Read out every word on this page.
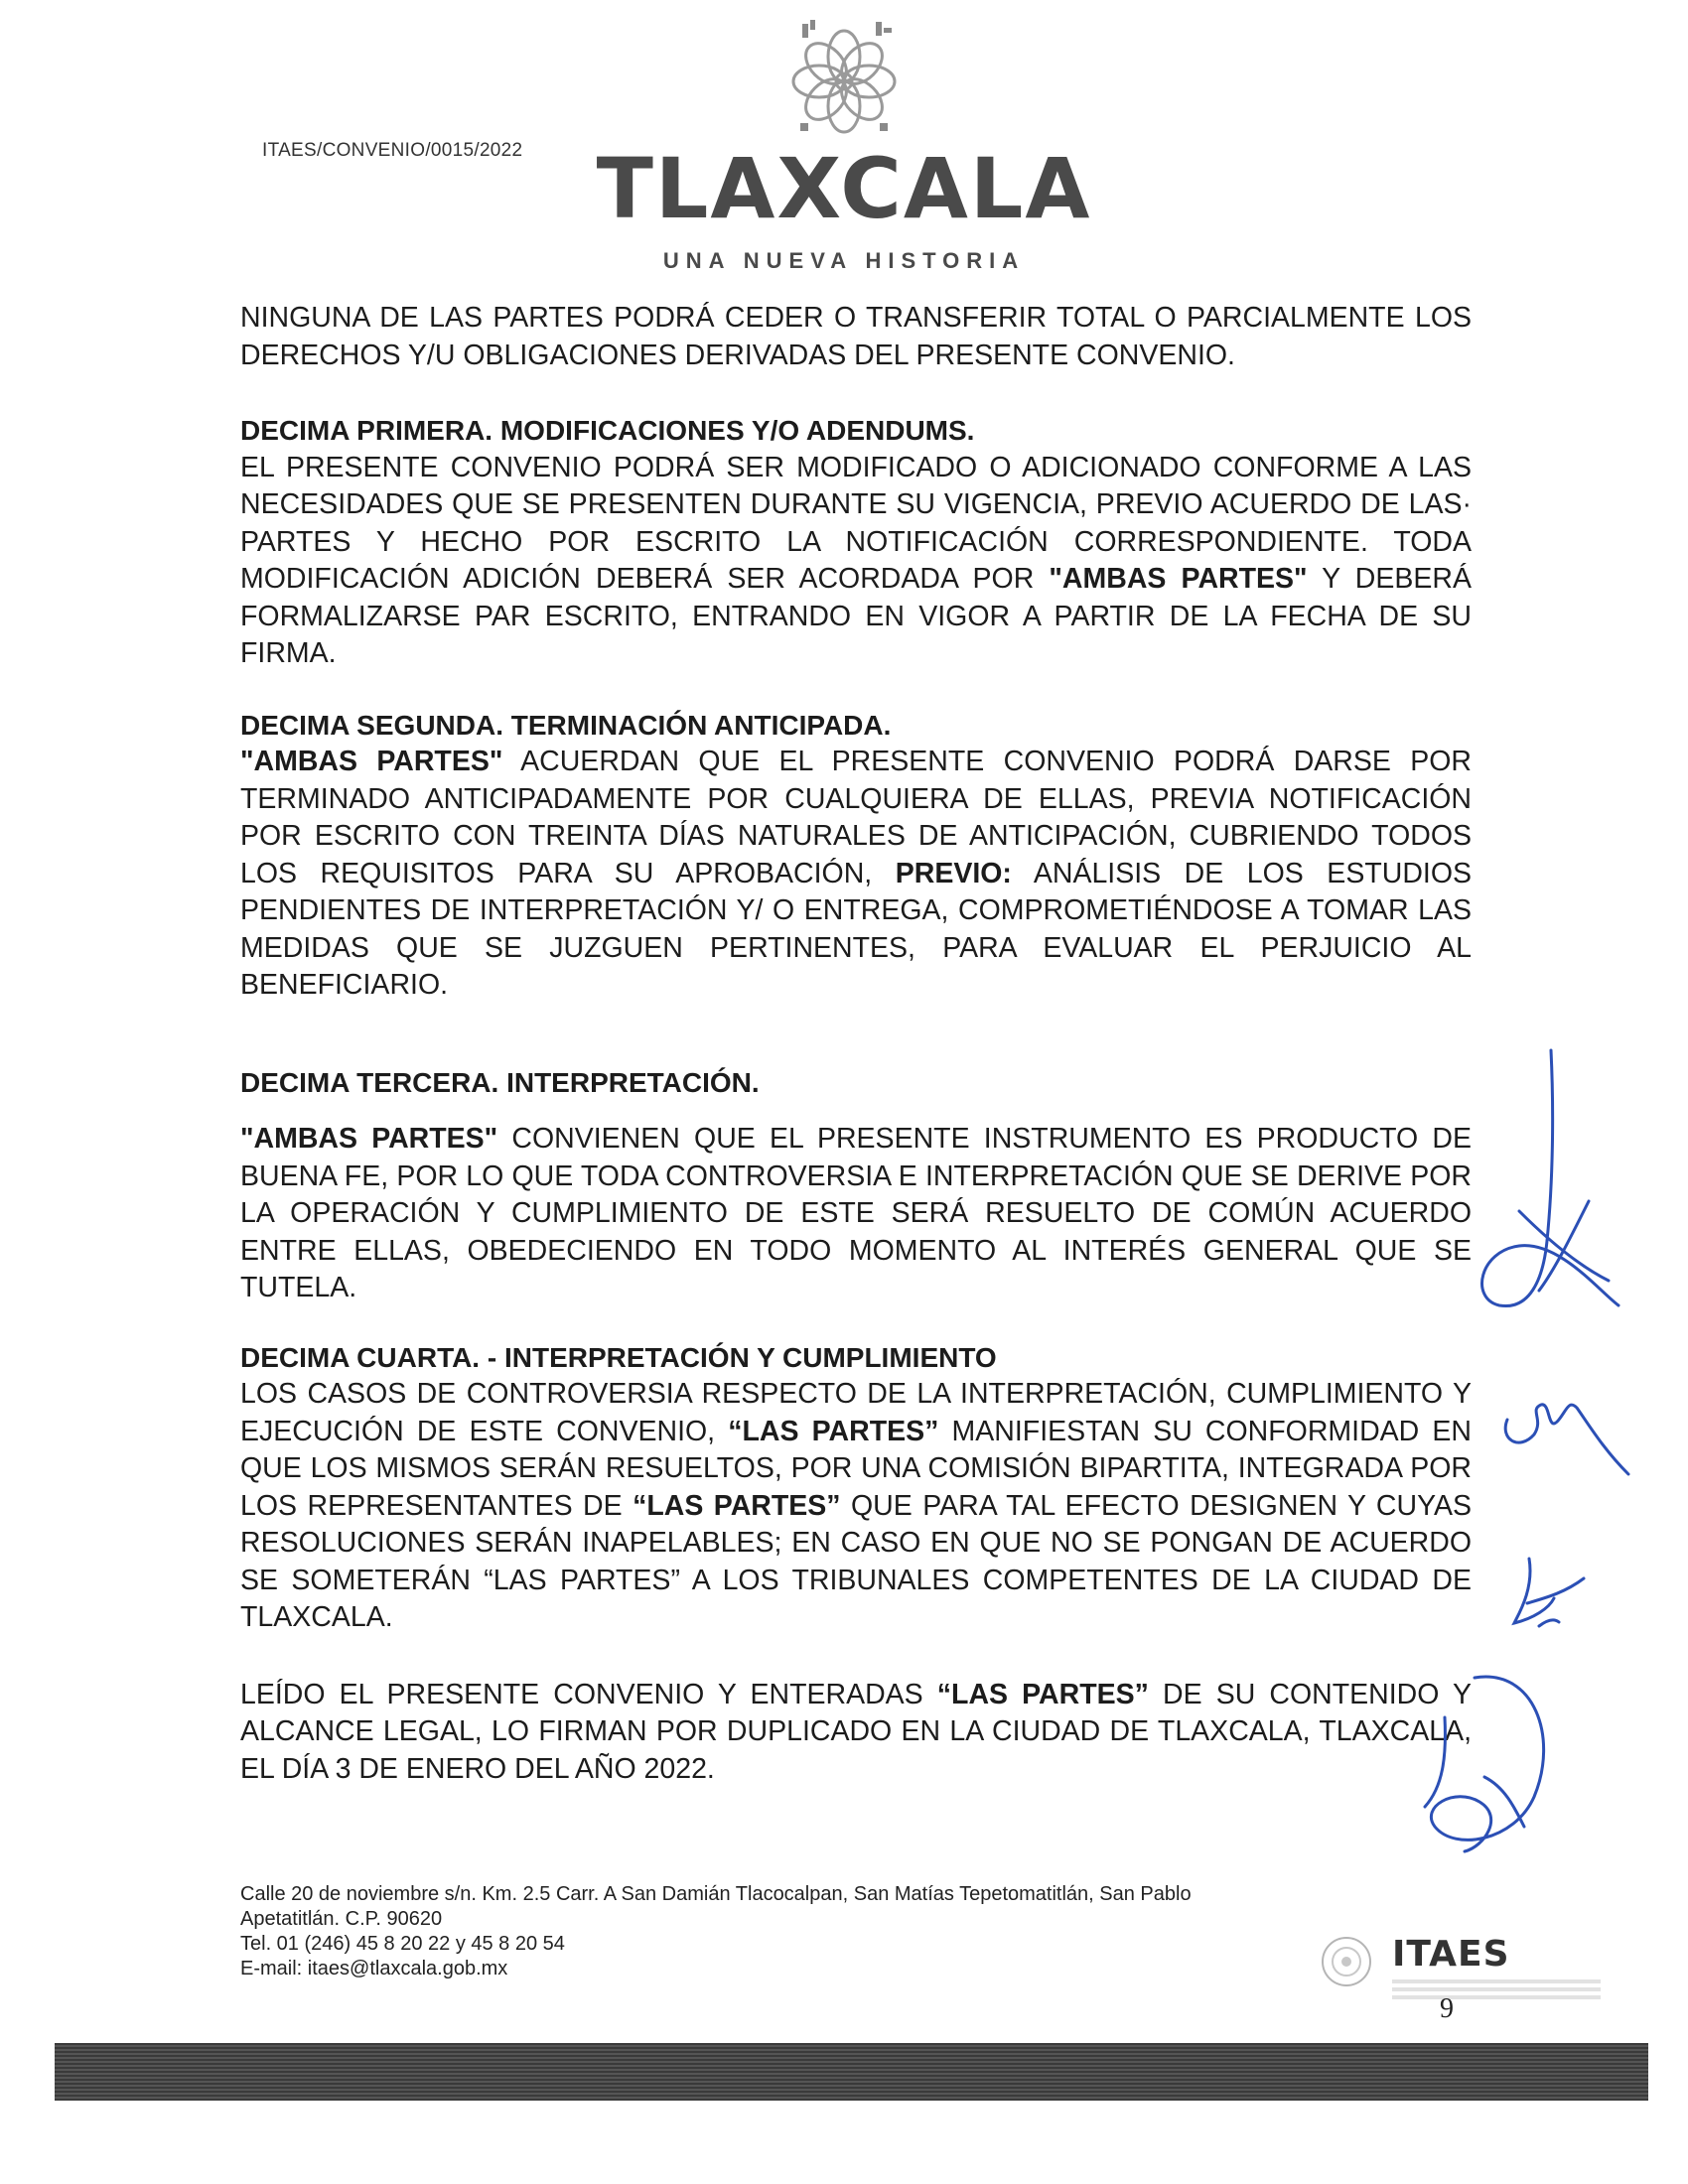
ITAES/CONVENIO/0015/2022 TLAXCALA
UNA NUEVA HISTORIA

NINGUNA DE LAS PARTES PODRÁ CEDER O TRANSFERIR TOTAL O PARCIALMENTE LOS DERECHOS Y/U OBLIGACIONES DERIVADAS DEL PRESENTE CONVENIO.

DECIMA PRIMERA. MODIFICACIONES Y/O ADENDUMS.

EL PRESENTE CONVENIO PODRÁ SER MODIFICADO O ADICIONADO CONFORME A LAS NECESIDADES QUE SE PRESENTEN DURANTE SU VIGENCIA, PREVIO ACUERDO DE LAS· PARTES Y HECHO POR ESCRITO LA NOTIFICACIÓN CORRESPONDIENTE. TODA MODIFICACIÓN ADICIÓN DEBERÁ SER ACORDADA POR "AMBAS PARTES" Y DEBERÁ FORMALIZARSE PAR ESCRITO, ENTRANDO EN VIGOR A PARTIR DE LA FECHA DE SU FIRMA.

DECIMA SEGUNDA. TERMINACIÓN ANTICIPADA.

"AMBAS PARTES" ACUERDAN QUE EL PRESENTE CONVENIO PODRÁ DARSE POR TERMINADO ANTICIPADAMENTE POR CUALQUIERA DE ELLAS, PREVIA NOTIFICACIÓN POR ESCRITO CON TREINTA DÍAS NATURALES DE ANTICIPACIÓN, CUBRIENDO TODOS LOS REQUISITOS PARA SU APROBACIÓN, PREVIO: ANÁLISIS DE LOS ESTUDIOS PENDIENTES DE INTERPRETACIÓN Y/ O ENTREGA, COMPROMETIÉNDOSE A TOMAR LAS MEDIDAS QUE SE JUZGUEN PERTINENTES, PARA EVALUAR EL PERJUICIO AL BENEFICIARIO.

DECIMA TERCERA. INTERPRETACIÓN.

"AMBAS PARTES" CONVIENEN QUE EL PRESENTE INSTRUMENTO ES PRODUCTO DE BUENA FE, POR LO QUE TODA CONTROVERSIA E INTERPRETACIÓN QUE SE DERIVE POR LA OPERACIÓN Y CUMPLIMIENTO DE ESTE SERÁ RESUELTO DE COMÚN ACUERDO ENTRE ELLAS, OBEDECIENDO EN TODO MOMENTO AL INTERÉS GENERAL QUE SE TUTELA.

DECIMA CUARTA. - INTERPRETACIÓN Y CUMPLIMIENTO

LOS CASOS DE CONTROVERSIA RESPECTO DE LA INTERPRETACIÓN, CUMPLIMIENTO Y EJECUCIÓN DE ESTE CONVENIO, “LAS PARTES” MANIFIESTAN SU CONFORMIDAD EN QUE LOS MISMOS SERÁN RESUELTOS, POR UNA COMISIÓN BIPARTITA, INTEGRADA POR LOS REPRESENTANTES DE “LAS PARTES” QUE PARA TAL EFECTO DESIGNEN Y CUYAS RESOLUCIONES SERÁN INAPELABLES; EN CASO EN QUE NO SE PONGAN DE ACUERDO SE SOMETERÁN “LAS PARTES” A LOS TRIBUNALES COMPETENTES DE LA CIUDAD DE TLAXCALA.

LEÍDO EL PRESENTE CONVENIO Y ENTERADAS “LAS PARTES” DE SU CONTENIDO Y ALCANCE LEGAL, LO FIRMAN POR DUPLICADO EN LA CIUDAD DE TLAXCALA, TLAXCALA, EL DÍA 3 DE ENERO DEL AÑO 2022.

Calle 20 de noviembre s/n. Km. 2.5 Carr. A San Damián Tlacocalpan, San Matías Tepetomatitlán, San Pablo
Apetatitlán. C.P. 90620
Tel. 01 (246) 45 8 20 22 y 45 8 20 54
E-mail: itaes@tlaxcala.gob.mx	ITAES
9
